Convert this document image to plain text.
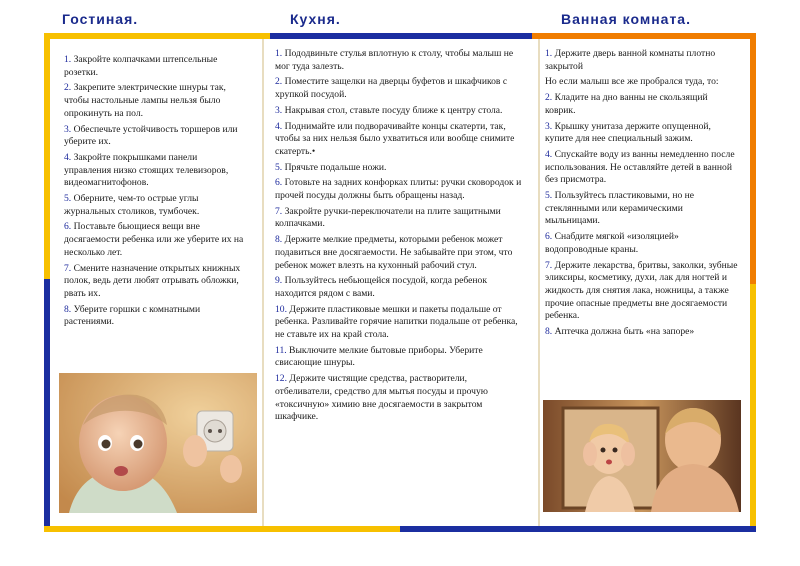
Гостиная.	Кухня.	Ванная комната.

1. Закройте колпачками штепсельные розетки.

2. Закрепите электрические шнуры так, чтобы настольные лампы нельзя было опрокинуть на пол.

3. Обеспечьте устойчивость торшеров или уберите их.

4. Закройте покрышками панели управления низко стоящих телевизоров, видеомагнитофонов.

5. Оберните, чем-то острые углы журнальных столиков, тумбочек.

6. Поставьте бьющиеся вещи вне досягаемости ребенка или же уберите их на несколько лет.

7. Смените назначение открытых книжных полок, ведь дети любят отрывать обложки, рвать их.

8. Уберите горшки с комнатными растениями.

1. Пододвиньте стулья вплотную к столу, чтобы малыш не мог туда залезть.

2. Поместите защелки на дверцы буфетов и шкафчиков с хрупкой посудой.

3. Накрывая стол, ставьте посуду ближе к центру стола.

4. Поднимайте или подворачивайте концы скатерти, так, чтобы за них нельзя было ухватиться или вообще снимите скатерть.•

5. Прячьте подальше ножи.

6. Готовьте на задних конфорках плиты: ручки сковородок и прочей посуды должны быть обращены назад.

7. Закройте ручки-переключатели на плите защитными колпачками.

8. Держите мелкие предметы, которыми ребенок может подавиться вне досягаемости. Не забывайте при этом, что ребенок может влезть на кухонный рабочий стул.

9. Пользуйтесь небьющейся посудой, когда ребенок находится рядом с вами.

10. Держите пластиковые мешки и пакеты подальше от ребенка. Разливайте горячие напитки подальше от ребенка, не ставьте их на край стола.

11. Выключите мелкие бытовые приборы. Уберите свисающие шнуры.

12. Держите чистящие средства, растворители, отбеливатели, средство для мытья посуды и прочую «токсичную» химию вне досягаемости в закрытом шкафчике.

1. Держите дверь ванной комнаты плотно закрытой

Но если малыш все же пробрался туда, то:

2. Кладите на дно ванны не скользящий коврик.

3. Крышку унитаза держите опущенной, купите для нее специальный зажим.

4. Спускайте воду из ванны немедленно после использования. Не оставляйте детей в ванной без присмотра.

5. Пользуйтесь пластиковыми, но не стеклянными или керамическими мыльницами.

6. Снабдите мягкой «изоляцией» водопроводные краны.

7. Держите лекарства, бритвы, заколки, зубные эликсиры, косметику, духи, лак для ногтей и жидкость для снятия лака, ножницы, а также прочие опасные предметы вне досягаемости ребенка.

8. Аптечка должна быть «на запоре»
